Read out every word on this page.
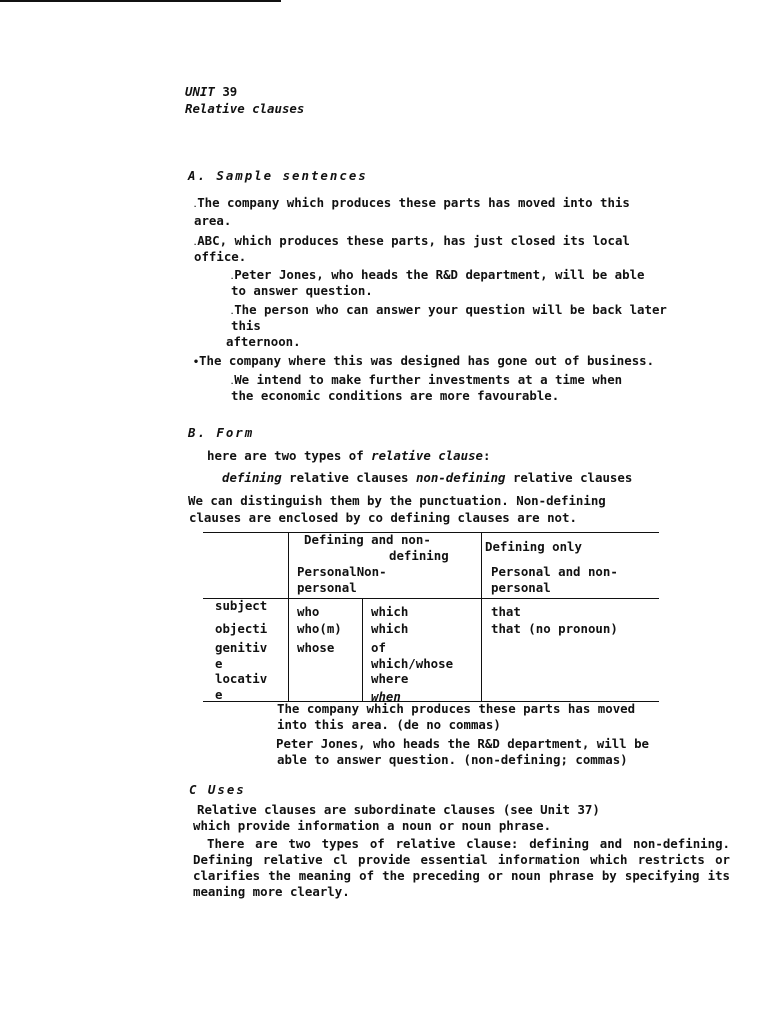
UNIT 39
Relative clauses
A. Sample sentences
.The company which produces these parts has moved into this
area.
.ABC, which produces these parts, has just closed its local
office.
.Peter Jones, who heads the R&D department, will be able
to answer question.
.The person who can answer your question will be back later
this
afternoon.
•The company where this was designed has gone out of business.
.We intend to make further investments at a time when
the economic conditions are more favourable.
B. Form
here are two types of relative clause:
defining relative clauses non-defining relative clauses
We can distinguish them by the punctuation. Non-defining
clauses are enclosed by co defining clauses are not.
Defining and non-
defining
Defining only
PersonalNon-
personal
Personal and non-
personal
subject
objecti
genitiv
e
locativ
e
who
who(m)
whose
which
which
of
which/whose
where
when
that
that (no pronoun)
The company which produces these parts has moved
into this area. (de no commas)
Peter Jones, who heads the R&D department, will be
able to answer question. (non-defining; commas)
C Uses
Relative clauses are subordinate clauses (see Unit 37)
which provide information a noun or noun phrase.
There are two types of relative clause: defining and non-defining. Defining relative cl provide essential information which restricts or clarifies the meaning of the preceding or noun phrase by specifying its meaning more clearly.
